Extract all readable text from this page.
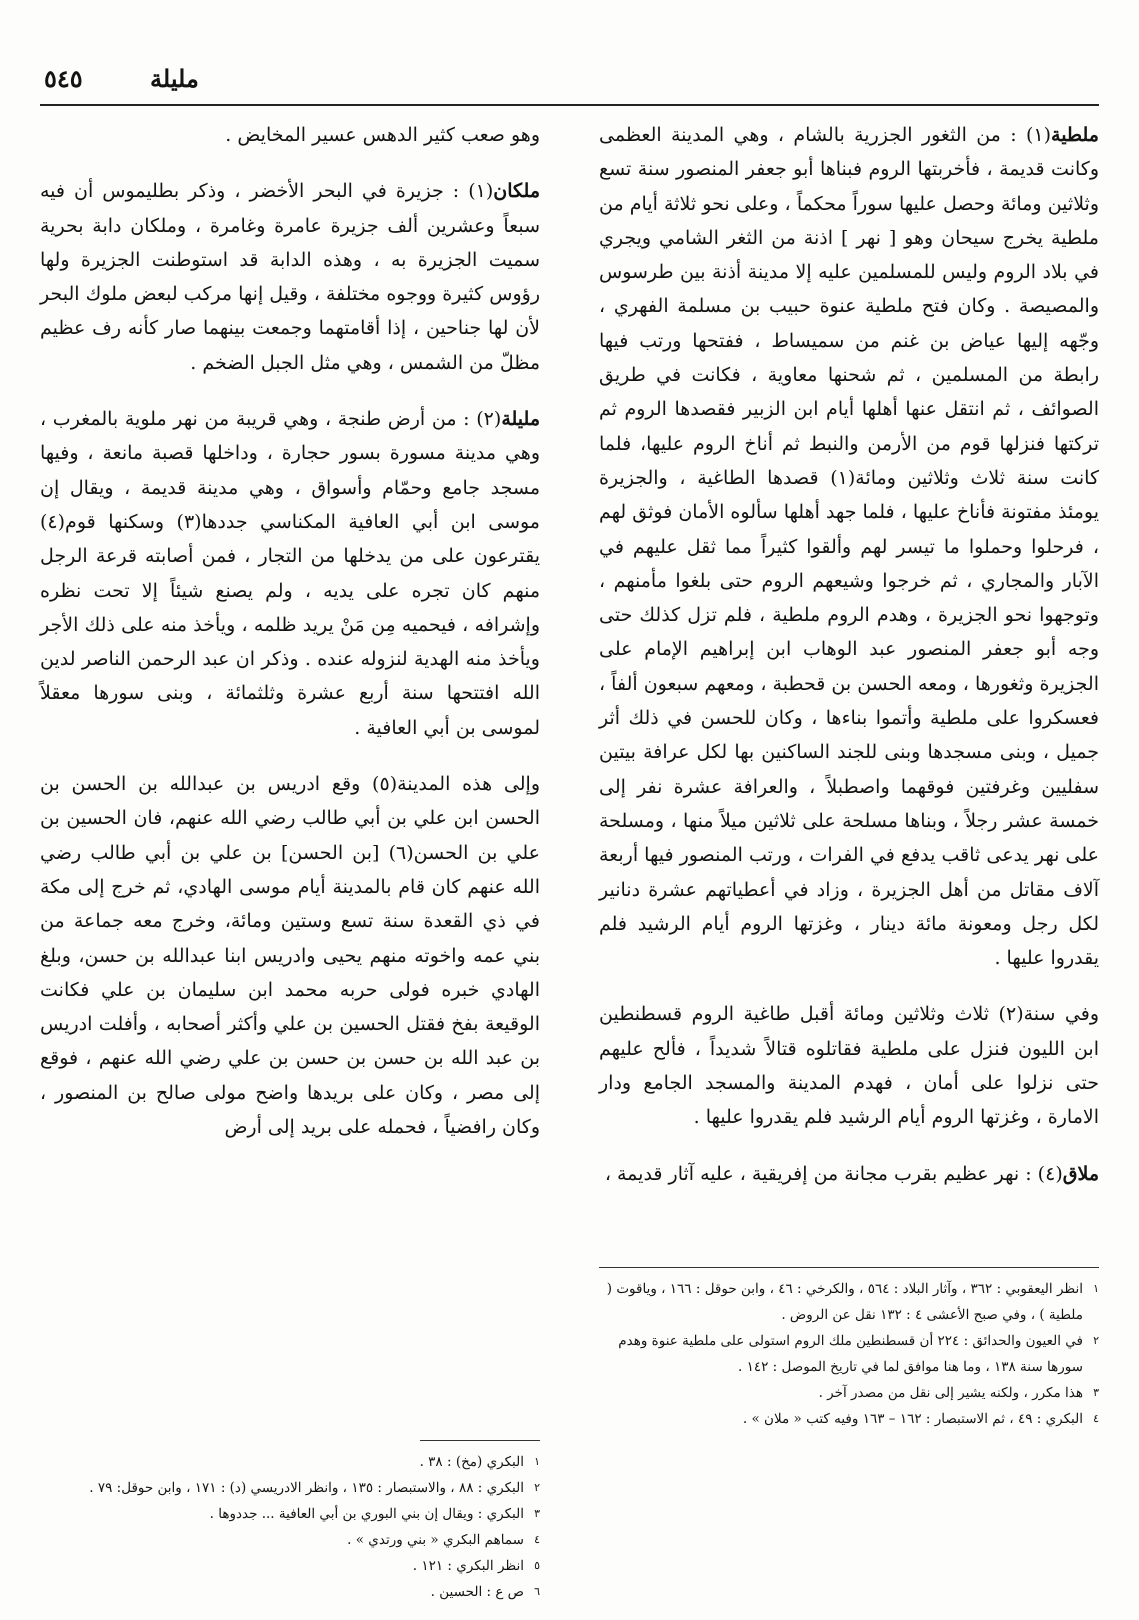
مليلة
٥٤٥

ملطية(١) : من الثغور الجزرية بالشام ، وهي المدينة العظمى وكانت قديمة ، فأخربتها الروم فبناها أبو جعفر المنصور سنة تسع وثلاثين ومائة وحصل عليها سوراً محكماً ، وعلى نحو ثلاثة أيام من ملطية يخرج سيحان وهو [ نهر ] اذنة من الثغر الشامي ويجري في بلاد الروم وليس للمسلمين عليه إلا مدينة أذنة بين طرسوس والمصيصة . وكان فتح ملطية عنوة حبيب بن مسلمة الفهري ، وجّهه إليها عياض بن غنم من سميساط ، ففتحها ورتب فيها رابطة من المسلمين ، ثم شحنها معاوية ، فكانت في طريق الصوائف ، ثم انتقل عنها أهلها أيام ابن الزبير فقصدها الروم ثم تركتها فنزلها قوم من الأرمن والنبط ثم أناخ الروم عليها، فلما كانت سنة ثلاث وثلاثين ومائة(١) قصدها الطاغية ، والجزيرة يومئذ مفتونة فأناخ عليها ، فلما جهد أهلها سألوه الأمان فوثق لهم ، فرحلوا وحملوا ما تيسر لهم وألقوا كثيراً مما ثقل عليهم في الآبار والمجاري ، ثم خرجوا وشيعهم الروم حتى بلغوا مأمنهم ، وتوجهوا نحو الجزيرة ، وهدم الروم ملطية ، فلم تزل كذلك حتى وجه أبو جعفر المنصور عبد الوهاب ابن إبراهيم الإمام على الجزيرة وثغورها ، ومعه الحسن بن قحطبة ، ومعهم سبعون ألفاً ، فعسكروا على ملطية وأتموا بناءها ، وكان للحسن في ذلك أثر جميل ، وبنى مسجدها وبنى للجند الساكنين بها لكل عرافة بيتين سفليين وغرفتين فوقهما واصطبلاً ، والعرافة عشرة نفر إلى خمسة عشر رجلاً ، وبناها مسلحة على ثلاثين ميلاً منها ، ومسلحة على نهر يدعى ثاقب يدفع في الفرات ، ورتب المنصور فيها أربعة آلاف مقاتل من أهل الجزيرة ، وزاد في أعطياتهم عشرة دنانير لكل رجل ومعونة مائة دينار ، وغزتها الروم أيام الرشيد فلم يقدروا عليها .

وفي سنة(٢) ثلاث وثلاثين ومائة أقبل طاغية الروم قسطنطين ابن الليون فنزل على ملطية فقاتلوه قتالاً شديداً ، فألح عليهم حتى نزلوا على أمان ، فهدم المدينة والمسجد الجامع ودار الامارة ، وغزتها الروم أيام الرشيد فلم يقدروا عليها .

ملاق(٤) : نهر عظيم بقرب مجانة من إفريقية ، عليه آثار قديمة ،

وهو صعب كثير الدهس عسير المخايض .

ملكان(١) : جزيرة في البحر الأخضر ، وذكر بطليموس أن فيه سبعاً وعشرين ألف جزيرة عامرة وغامرة ، وملكان دابة بحرية سميت الجزيرة به ، وهذه الدابة قد استوطنت الجزيرة ولها رؤوس كثيرة ووجوه مختلفة ، وقيل إنها مركب لبعض ملوك البحر لأن لها جناحين ، إذا أقامتهما وجمعت بينهما صار كأنه رف عظيم مظلّ من الشمس ، وهي مثل الجبل الضخم .

مليلة(٢) : من أرض طنجة ، وهي قريبة من نهر ملوية بالمغرب ، وهي مدينة مسورة بسور حجارة ، وداخلها قصبة مانعة ، وفيها مسجد جامع وحمّام وأسواق ، وهي مدينة قديمة ، ويقال إن موسى ابن أبي العافية المكناسي جددها(٣) وسكنها قوم(٤) يقترعون على من يدخلها من التجار ، فمن أصابته قرعة الرجل منهم كان تجره على يديه ، ولم يصنع شيئاً إلا تحت نظره وإشرافه ، فيحميه مِن مَنْ يريد ظلمه ، ويأخذ منه على ذلك الأجر ويأخذ منه الهدية لنزوله عنده . وذكر ان عبد الرحمن الناصر لدين الله افتتحها سنة أربع عشرة وثلثمائة ، وبنى سورها معقلاً لموسى بن أبي العافية .

وإلى هذه المدينة(٥) وقع ادريس بن عبدالله بن الحسن بن الحسن ابن علي بن أبي طالب رضي الله عنهم، فان الحسين بن علي بن الحسن(٦) [بن الحسن] بن علي بن أبي طالب رضي الله عنهم كان قام بالمدينة أيام موسى الهادي، ثم خرج إلى مكة في ذي القعدة سنة تسع وستين ومائة، وخرج معه جماعة من بني عمه واخوته منهم يحيى وادريس ابنا عبدالله بن حسن، وبلغ الهادي خبره فولى حربه محمد ابن سليمان بن علي فكانت الوقيعة بفخ فقتل الحسين بن علي وأكثر أصحابه ، وأفلت ادريس بن عبد الله بن حسن بن حسن بن علي رضي الله عنهم ، فوقع إلى مصر ، وكان على بريدها واضح مولى صالح بن المنصور ، وكان رافضياً ، فحمله على بريد إلى أرض

١
انظر اليعقوبي : ٣٦٢ ، وآثار البلاد : ٥٦٤ ، والكرخي : ٤٦ ، وابن حوقل : ١٦٦ ، وياقوت ( ملطية ) ، وفي صبح الأعشى ٤ : ١٣٢ نقل عن الروض .

٢
في العيون والحدائق : ٢٢٤ أن قسطنطين ملك الروم استولى على ملطية عنوة وهدم سورها سنة ١٣٨ ، وما هنا موافق لما في تاريخ الموصل : ١٤٢ .

٣
هذا مكرر ، ولكنه يشير إلى نقل من مصدر آخر .

٤
البكري : ٤٩ ، ثم الاستبصار : ١٦٢ – ١٦٣ وفيه كتب « ملان » .

١
البكري (مخ) : ٣٨ .

٢
البكري : ٨٨ ، والاستبصار : ١٣٥ ، وانظر الادريسي (د) : ١٧١ ، وابن حوقل: ٧٩ .

٣
البكري : ويقال إن بني البوري بن أبي العافية ... جددوها .

٤
سماهم البكري « بني ورتدي » .

٥
انظر البكري : ١٢١ .

٦
ص ع : الحسين .
